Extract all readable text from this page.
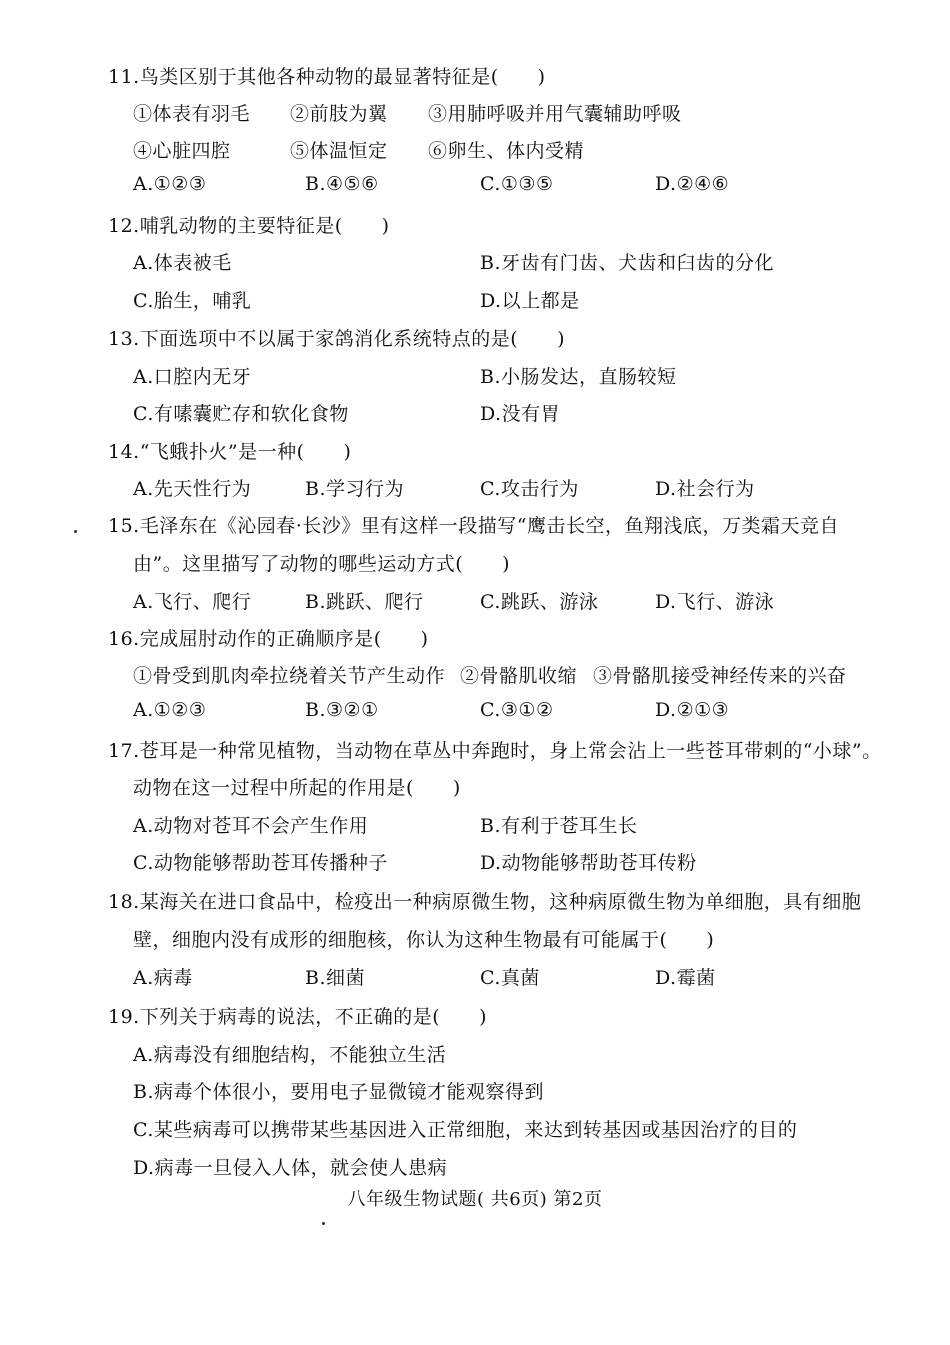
11.鸟类区别于其他各种动物的最显著特征是(　　)
①体表有羽毛 ②前肢为翼 ③用肺呼吸并用气囊辅助呼吸
④心脏四腔	⑤体温恒定 ⑥卵生、体内受精
A.①②③	B.④⑤⑥	C.①③⑤	D.②④⑥
12.哺乳动物的主要特征是(　　)
A.体表被毛	B.牙齿有门齿、犬齿和臼齿的分化
C.胎生，哺乳	D.以上都是
13.下面选项中不以属于家鸽消化系统特点的是(　　)
A.口腔内无牙	B.小肠发达，直肠较短
C.有嗉囊贮存和软化食物	D.没有胃
14.“飞蛾扑火”是一种(　　)
A.先天性行为	B.学习行为	C.攻击行为	D.社会行为
15.毛泽东在《沁园春·长沙》里有这样一段描写“鹰击长空，鱼翔浅底，万类霜天竞自
由”。这里描写了动物的哪些运动方式(　　)
A.飞行、爬行	B.跳跃、爬行	C.跳跃、游泳	D.飞行、游泳
16.完成屈肘动作的正确顺序是(　　)
①骨受到肌肉牵拉绕着关节产生动作 ②骨骼肌收缩 ③骨骼肌接受神经传来的兴奋
A.①②③	B.③②①	C.③①②	D.②①③
17.苍耳是一种常见植物，当动物在草丛中奔跑时，身上常会沾上一些苍耳带刺的“小球”。
动物在这一过程中所起的作用是(　　)
A.动物对苍耳不会产生作用	B.有利于苍耳生长
C.动物能够帮助苍耳传播种子	D.动物能够帮助苍耳传粉
18.某海关在进口食品中，检疫出一种病原微生物，这种病原微生物为单细胞，具有细胞
壁，细胞内没有成形的细胞核，你认为这种生物最有可能属于(　　)
A.病毒	B.细菌	C.真菌	D.霉菌
19.下列关于病毒的说法，不正确的是(　　)
A.病毒没有细胞结构，不能独立生活
B.病毒个体很小，要用电子显微镜才能观察得到
C.某些病毒可以携带某些基因进入正常细胞，来达到转基因或基因治疗的目的
D.病毒一旦侵入人体，就会使人患病
八年级生物试题( 共6页) 第2页
